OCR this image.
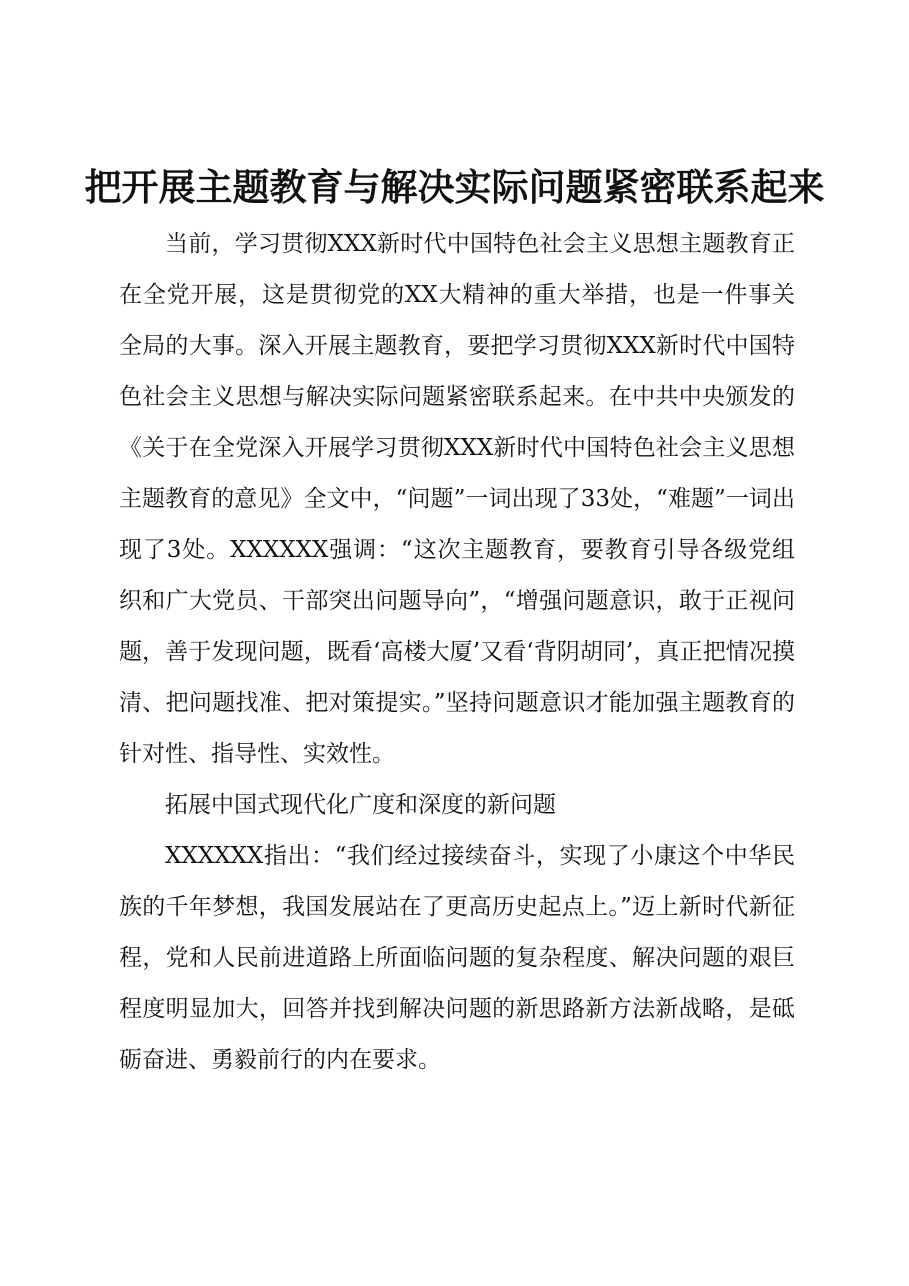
把开展主题教育与解决实际问题紧密联系起来

当前，学习贯彻XXX新时代中国特色社会主义思想主题教育正在全党开展，这是贯彻党的XX大精神的重大举措，也是一件事关全局的大事。深入开展主题教育，要把学习贯彻XXX新时代中国特色社会主义思想与解决实际问题紧密联系起来。在中共中央颁发的《关于在全党深入开展学习贯彻XXX新时代中国特色社会主义思想主题教育的意见》全文中，“问题”一词出现了33处，“难题”一词出现了3处。XXXXXX强调：“这次主题教育，要教育引导各级党组织和广大党员、干部突出问题导向”，“增强问题意识，敢于正视问题，善于发现问题，既看‘高楼大厦’又看‘背阴胡同’，真正把情况摸清、把问题找准、把对策提实。”坚持问题意识才能加强主题教育的针对性、指导性、实效性。

拓展中国式现代化广度和深度的新问题

XXXXXX指出：“我们经过接续奋斗，实现了小康这个中华民族的千年梦想，我国发展站在了更高历史起点上。”迈上新时代新征程，党和人民前进道路上所面临问题的复杂程度、解决问题的艰巨程度明显加大，回答并找到解决问题的新思路新方法新战略，是砥砺奋进、勇毅前行的内在要求。
